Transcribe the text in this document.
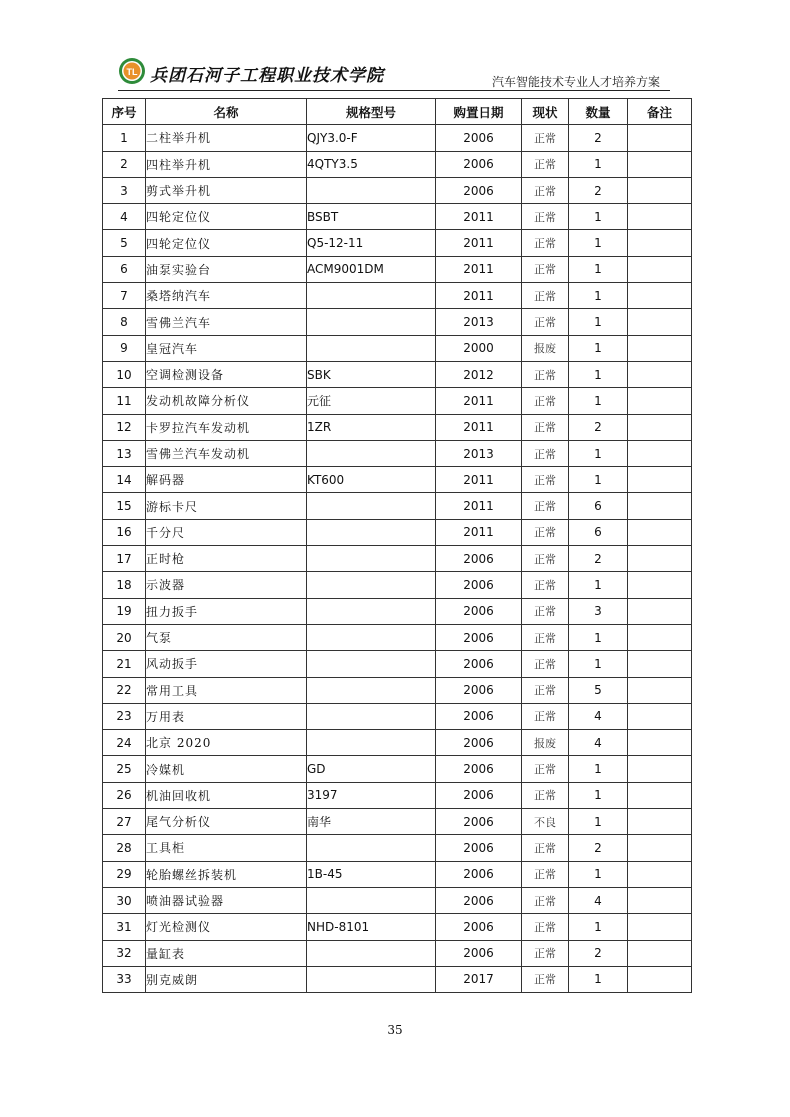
TL 兵团石河子工程职业技术学院	汽车智能技术专业人才培养方案
序号	名称	规格型号	购置日期	现状	数量	备注
1	二柱举升机	QJY3.0-F	2006	正常	2	
2	四柱举升机	4QTY3.5	2006	正常	1	
3	剪式举升机		2006	正常	2	
4	四轮定位仪	BSBT	2011	正常	1	
5	四轮定位仪	Q5-12-11	2011	正常	1	
6	油泵实验台	ACM9001DM	2011	正常	1	
7	桑塔纳汽车		2011	正常	1	
8	雪佛兰汽车		2013	正常	1	
9	皇冠汽车		2000	报废	1	
10	空调检测设备	SBK	2012	正常	1	
11	发动机故障分析仪	元征	2011	正常	1	
12	卡罗拉汽车发动机	1ZR	2011	正常	2	
13	雪佛兰汽车发动机		2013	正常	1	
14	解码器	KT600	2011	正常	1	
15	游标卡尺		2011	正常	6	
16	千分尺		2011	正常	6	
17	正时枪		2006	正常	2	
18	示波器		2006	正常	1	
19	扭力扳手		2006	正常	3	
20	气泵		2006	正常	1	
21	风动扳手		2006	正常	1	
22	常用工具		2006	正常	5	
23	万用表		2006	正常	4	
24	北京 2020		2006	报废	4	
25	冷媒机	GD	2006	正常	1	
26	机油回收机	3197	2006	正常	1	
27	尾气分析仪	南华	2006	不良	1	
28	工具柜		2006	正常	2	
29	轮胎螺丝拆装机	1B-45	2006	正常	1	
30	喷油器试验器		2006	正常	4	
31	灯光检测仪	NHD-8101	2006	正常	1	
32	量缸表		2006	正常	2	
33	别克威朗		2017	正常	1	
35
